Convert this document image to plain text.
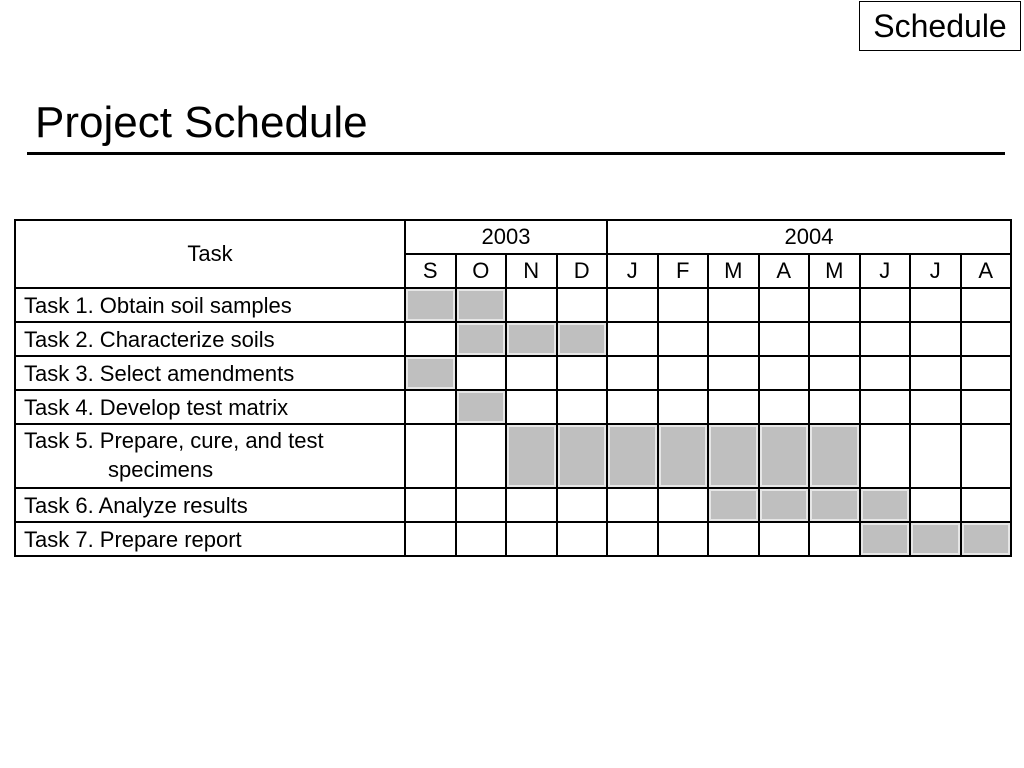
Schedule
Project Schedule
Task	2003				2004							
	S	O	N	D	J	F	M	A	M	J	J	A
Task 1. Obtain soil samples												
Task 2. Characterize soils												
Task 3. Select amendments												
Task 4. Develop test matrix												
Task 5. Prepare, cure, and test
specimens												

Task 6. Analyze results												
Task 7. Prepare report												
